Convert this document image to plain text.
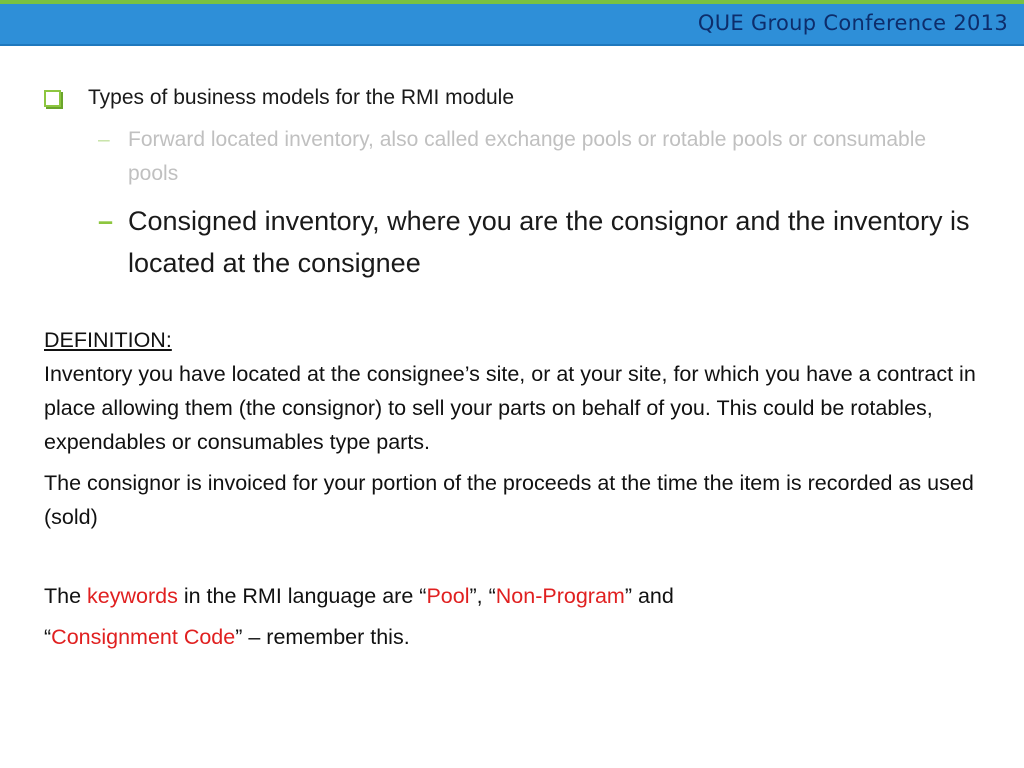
QUE Group Conference 2013
Types of business models for the RMI module
– Forward located inventory, also called exchange pools or rotable pools or consumable pools
– Consigned inventory, where you are the consignor and the inventory is located at the consignee
DEFINITION:
Inventory you have located at the consignee’s site, or at your site, for which you have a contract in place allowing them (the consignor) to sell your parts on behalf of you. This could be rotables, expendables or consumables type parts.
The consignor is invoiced for your portion of the proceeds at the time the item is recorded as used (sold)
The keywords in the RMI language are “Pool”, “Non-Program” and
“Consignment Code” – remember this.
